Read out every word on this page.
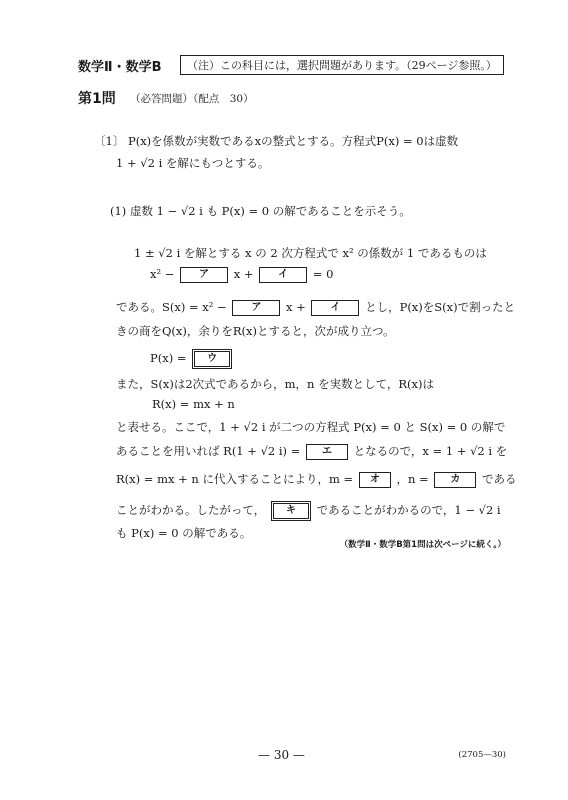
数学Ⅱ・数学B	（注）この科目には，選択問題があります。（29ページ参照。）
第1問 （必答問題）（配点　30）
〔1〕 P(x)を係数が実数であるxの整式とする。方程式P(x) = 0は虚数
1 + √2 i を解にもつとする。
(1) 虚数 1 − √2 i も P(x) = 0 の解であることを示そう。
1 ± √2 i を解とする x の 2 次方程式で x² の係数が 1 であるものは
x² − ア x + イ = 0
である。S(x) = x² − ア x + イ とし，P(x)をS(x)で割ったと
きの商をQ(x)，余りをR(x)とすると，次が成り立つ。
P(x) = ウ
また，S(x)は2次式であるから，m，n を実数として，R(x)は
R(x) = mx + n
と表せる。ここで，1 + √2 i が二つの方程式 P(x) = 0 と S(x) = 0 の解で
あることを用いれば R(1 + √2 i) = エ となるので，x = 1 + √2 i を
R(x) = mx + n に代入することにより，m = オ ，n = カ である
ことがわかる。したがって， キ であることがわかるので，1 − √2 i
も P(x) = 0 の解である。
（数学Ⅱ・数学B第1問は次ページに続く。）
— 30 —	(2705—30)
